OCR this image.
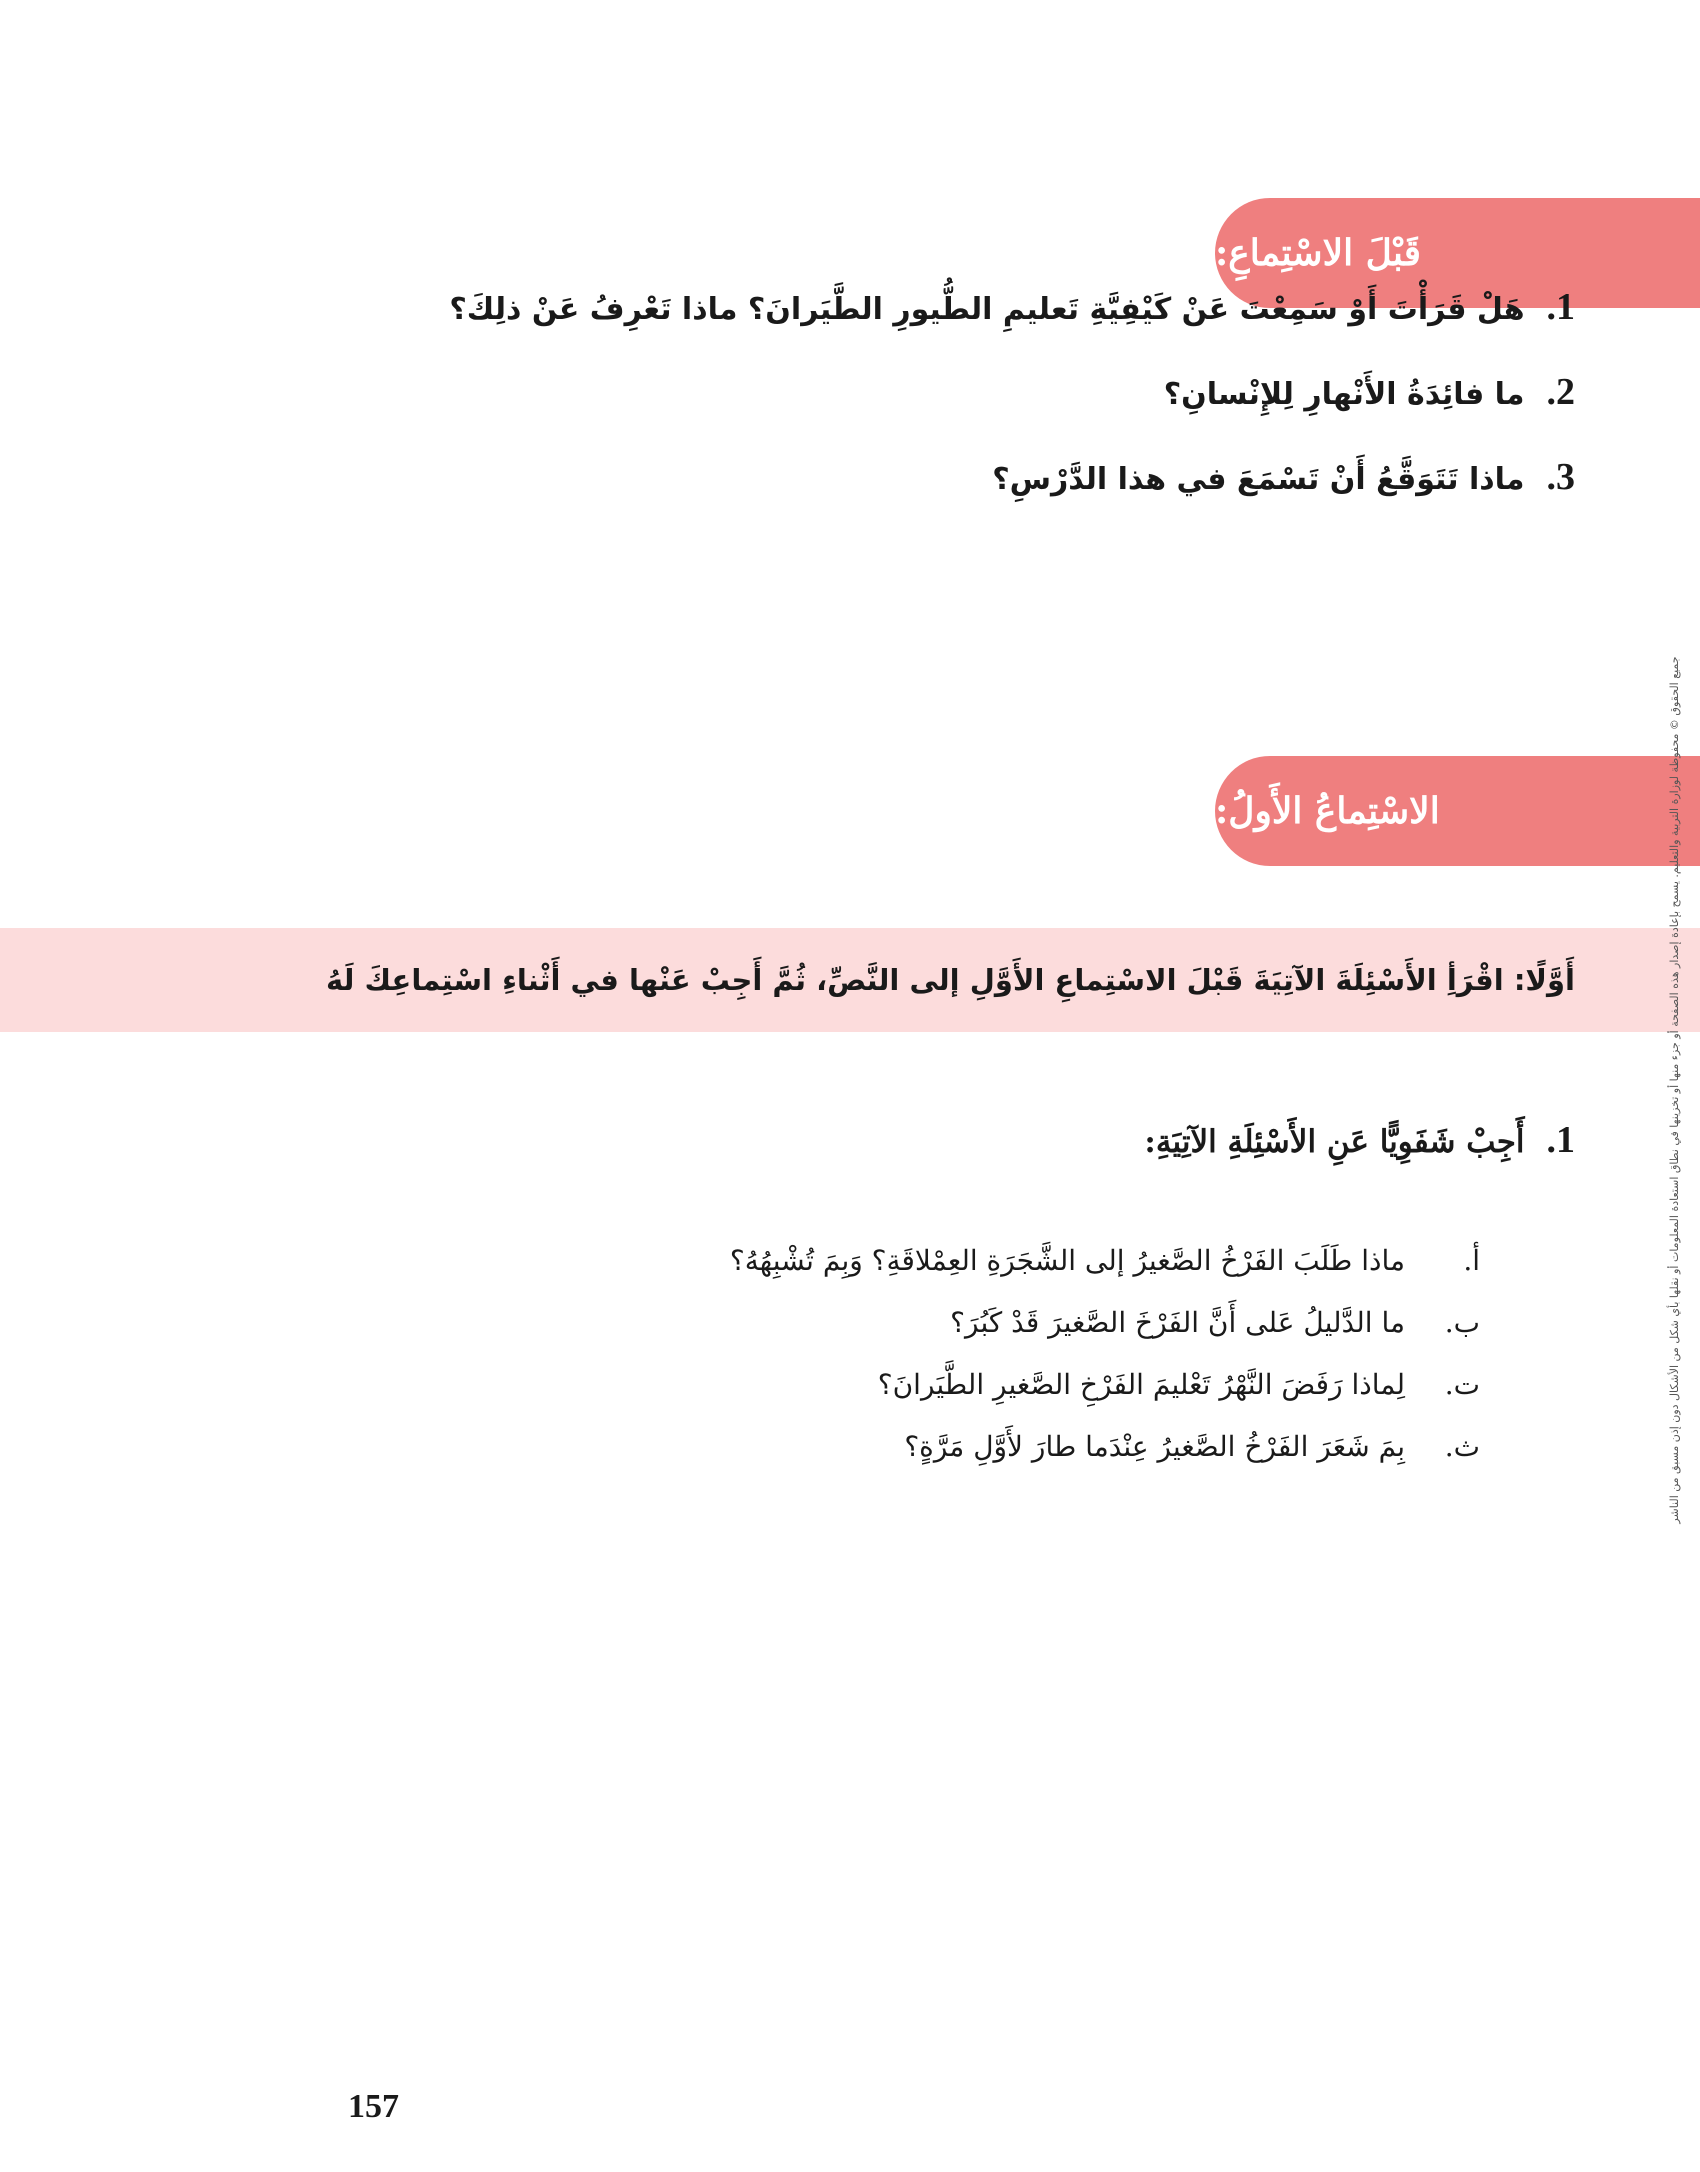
قَبْلَ الاسْتِماعِ:
1.
هَلْ قَرَأْتَ أَوْ سَمِعْتَ عَنْ كَيْفِيَّةِ تَعليمِ الطُّيورِ الطَّيَرانَ؟ ماذا تَعْرِفُ عَنْ ذلِكَ؟
2.
ما فائِدَةُ الأَنْهارِ لِلإِنْسانِ؟
3.
ماذا تَتَوَقَّعُ أَنْ تَسْمَعَ في هذا الدَّرْسِ؟
الاسْتِماعُ الأَولُ:
أَوَّلًا: اقْرَأِ الأَسْئِلَةَ الآتِيَةَ قَبْلَ الاسْتِماعِ الأَوَّلِ إلى النَّصِّ، ثُمَّ أَجِبْ عَنْها في أَثْناءِ اسْتِماعِكَ لَهُ
1.
أَجِبْ شَفَوِيًّا عَنِ الأَسْئِلَةِ الآتِيَةِ:
أ.
ماذا طَلَبَ الفَرْخُ الصَّغيرُ إلى الشَّجَرَةِ العِمْلاقَةِ؟ وَبِمَ تُشْبِهُهُ؟
ب.
ما الدَّليلُ عَلى أَنَّ الفَرْخَ الصَّغيرَ قَدْ كَبُرَ؟
ت.
لِماذا رَفَضَ النَّهْرُ تَعْليمَ الفَرْخِ الصَّغيرِ الطَّيَرانَ؟
ث.
بِمَ شَعَرَ الفَرْخُ الصَّغيرُ عِنْدَما طارَ لأَوَّلِ مَرَّةٍ؟	جميع الحقوق © محفوظة لوزارة التربية والتعليم. يسمح بإعادة إصدار هذه الصفحة أو جزء منها أو تخزينها في نطاق استعادة المعلومات أو نقلها بأي شكل من الأشكال دون إذن مسبق من الناشر
157
